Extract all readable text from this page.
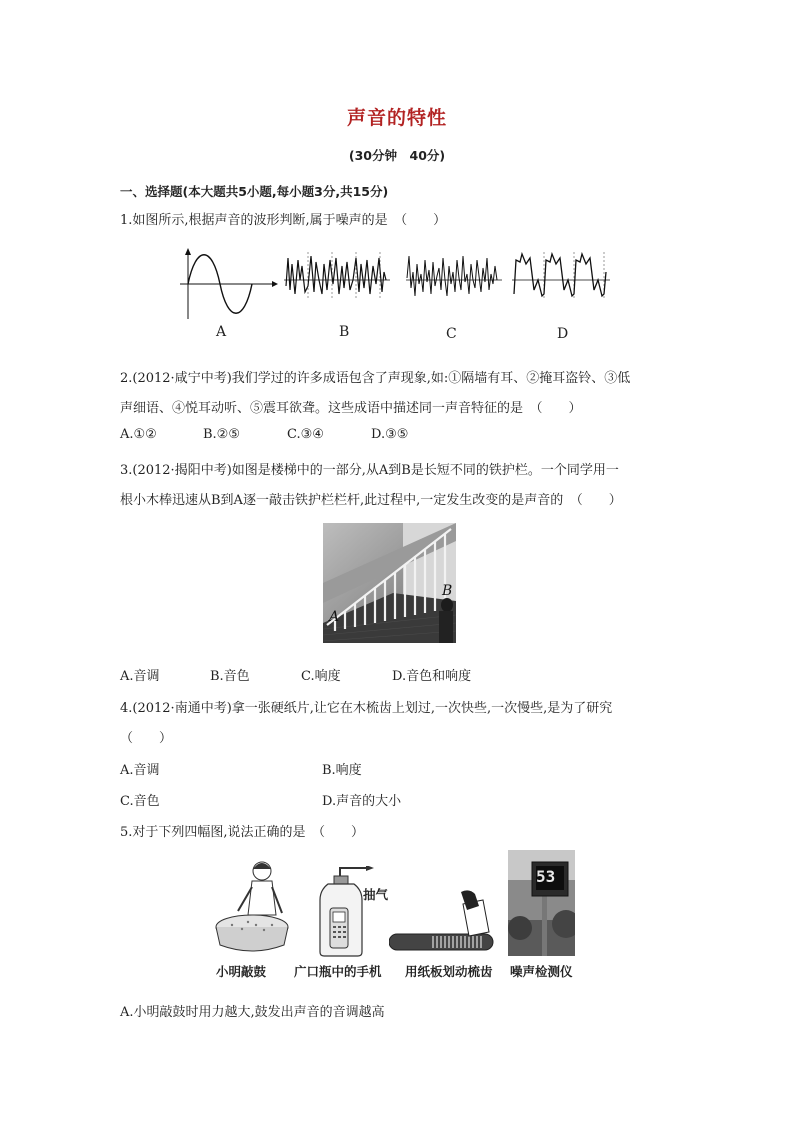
声音的特性
(30分钟　40分)
一、选择题(本大题共5小题,每小题3分,共15分)
1.如图所示,根据声音的波形判断,属于噪声的是　（　　）
A	B	C	D
2.(2012·咸宁中考)我们学过的许多成语包含了声现象,如:①隔墙有耳、②掩耳盗铃、③低
声细语、④悦耳动听、⑤震耳欲聋。这些成语中描述同一声音特征的是　（　　）
A.①②	B.②⑤	C.③④	D.③⑤
3.(2012·揭阳中考)如图是楼梯中的一部分,从A到B是长短不同的铁护栏。一个同学用一
根小木棒迅速从B到A逐一敲击铁护栏栏杆,此过程中,一定发生改变的是声音的　（　　）
A
B
A.音调	B.音色	C.响度	D.音色和响度
4.(2012·南通中考)拿一张硬纸片,让它在木梳齿上划过,一次快些,一次慢些,是为了研究
（　　）
A.音调	B.响度
C.音色	D.声音的大小
5.对于下列四幅图,说法正确的是　（　　）
抽气
53
小明敲鼓 广口瓶中的手机 用纸板划动梳齿 噪声检测仪
A.小明敲鼓时用力越大,鼓发出声音的音调越高
